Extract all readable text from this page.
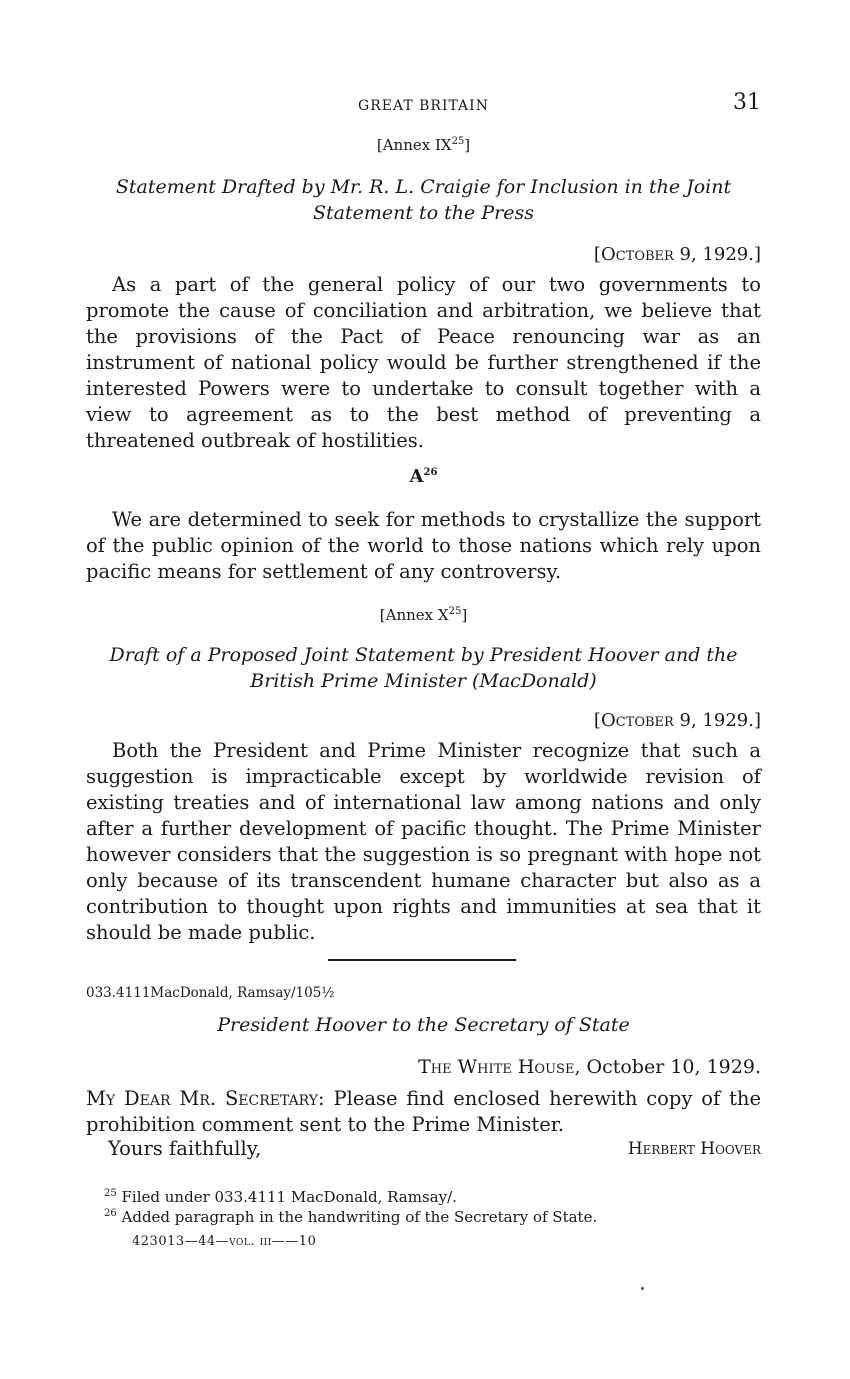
GREAT BRITAIN	31
[Annex IX$^{25}$]
Statement Drafted by Mr. R. L. Craigie for Inclusion in the Joint
Statement to the Press
[October 9, 1929.]

As a part of the general policy of our two governments to promote the cause of conciliation and arbitration, we believe that the provisions of the Pact of Peace renouncing war as an instrument of national policy would be further strengthened if the interested Powers were to undertake to consult together with a view to agreement as to the best method of preventing a threatened outbreak of hostilities.

$A^{26}$

We are determined to seek for methods to crystallize the support of the public opinion of the world to those nations which rely upon pacific means for settlement of any controversy.

[Annex $X^{25}$]
Draft of a Proposed Joint Statement by President Hoover and the
British Prime Minister (MacDonald)
[October 9, 1929.]

Both the President and Prime Minister recognize that such a suggestion is impracticable except by worldwide revision of existing treaties and of international law among nations and only after a further development of pacific thought. The Prime Minister however considers that the suggestion is so pregnant with hope not only because of its transcendent humane character but also as a contribution to thought upon rights and immunities at sea that it should be made public.

033.4111MacDonald, Ramsay/105½
President Hoover to the Secretary of State
The White House, October 10, 1929.

My Dear Mr. Secretary: Please find enclosed herewith copy of the prohibition comment sent to the Prime Minister.

Yours faithfully,	Herbert Hoover
$^{25}$ Filed under 033.4111 MacDonald, Ramsay/.
$^{26}$ Added paragraph in the handwriting of the Secretary of State.
423013—44—vol. iii——10
